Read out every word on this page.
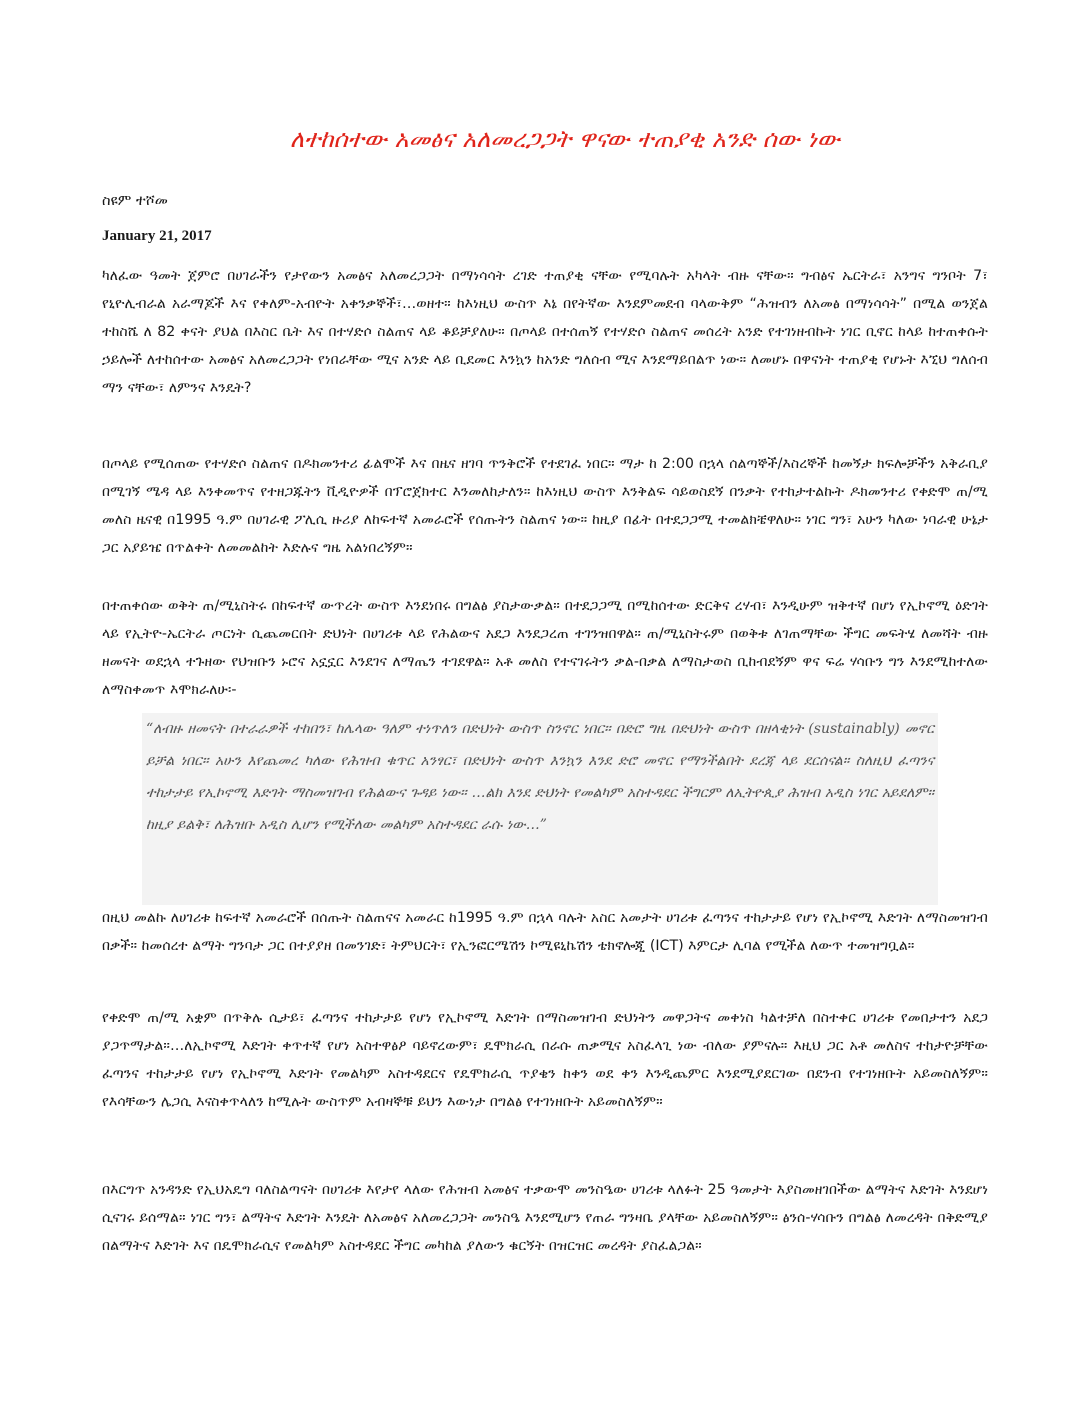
ለተከሰተው አመፅና አለመረጋጋት ዋናው ተጠያቂ አንድ ሰው ነው
ስዩም ተሾመ
January 21, 2017
ካለፈው ዓመት ጀምሮ በሀገራችን የታየውን አመፅና አለመረጋጋት በማነሳሳት ረገድ ተጠያቂ ናቸው የሚባሉት አካላት ብዙ ናቸው። ግብፅና ኤርትራ፣ አንግና ግንቦት 7፣ የኒዮሊብራል አራማጆች እና የቀለም-አብዮት አቀንቃኞች፣…ወዘተ። ከእነዚህ ውስጥ እኔ በየትኛው እንደምመደብ ባላውቅም “ሕዝብን ለአመፅ በማነሳሳት” በሚል ወንጀል ተከስሼ ለ 82 ቀናት ያህል በእስር ቤት እና በተሃድሶ ስልጠና ላይ ቆይቻያለሁ። በጦላይ በተሰጠኝ የተሃድሶ ስልጠና መሰረት አንድ የተገነዘብኩት ነገር ቢኖር ከላይ ከተጠቀሱት ኃይሎች ለተከሰተው አመፅና አለመረጋጋት የነበራቸው ሚና አንድ ላይ ቢደመር እንኳን ከአንድ ግለሰብ ሚና እንደማይበልጥ ነው። ለመሆኑ በዋናነት ተጠያቂ የሆኑት እኚህ ግለሰብ ማን ናቸው፣ ለምንና እንዴት?
በጦላይ የሚሰጠው የተሃድሶ ስልጠና በዶክመንተሪ ፊልሞች እና በዜና ዘገባ ጥንቅሮች የተደገፈ ነበር። ማታ ከ 2:00 በኋላ ሰልጣኞች/እስረኞች ከመኝታ ክፍሎቻችን አቅራቢያ በሚገኝ ሜዳ ላይ እንቀመጥና የተዘጋጁትን ቪዲዮዎች በፕሮጀክተር እንመለከታለን። ከእነዚህ ውስጥ እንቅልፍ ሳይወስደኝ በንቃት የተከታተልኩት ዶክመንተሪ የቀድሞ ጠ/ሚ መለስ ዜናዊ በ1995 ዓ.ም በሀገራዊ ፖሊሲ ዙሪያ ለከፍተኛ አመራሮች የሰጡትን ስልጠና ነው። ከዚያ በፊት በተደጋጋሚ ተመልክቼዋለሁ። ነገር ግን፣ አሁን ካለው ነባራዊ ሁኔታ ጋር አያይዤ በጥልቀት ለመመልከት እድሉና ግዜ አልነበረኝም።
በተጠቀሰው ወቅት ጠ/ሚኒስትሩ በከፍተኛ ውጥረት ውስጥ እንደነበሩ በግልፅ ያስታውቃል። በተደጋጋሚ በሚከሰተው ድርቅና ረሃብ፣ እንዲሁም ዝቅተኛ በሆነ የኢኮኖሚ ዕድገት ላይ የኢትዮ-ኤርትራ ጦርነት ሲጨመርበት ድህነት በሀገሪቱ ላይ የሕልውና አደጋ እንደጋረጠ ተገንዝበዋል። ጠ/ሚኒስትሩም በወቅቱ ለገጠማቸው ችግር መፍትሄ ለመሻት ብዙ ዘመናት ወደኋላ ተጉዘው የህዝቡን ኑሮና አኗኗር እንደገና ለማጤን ተገደዋል። አቶ መለስ የተናገሩትን ቃል-በቃል ለማስታወስ ቢከብደኝም ዋና ፍሬ ሃሳቡን ግን እንደሚከተለው ለማስቀመጥ እሞክራለሁ፡-
“ለብዙ ዘመናት በተራራዎች ተከበን፣ ከሌላው ዓለም ተነጥለን በድህነት ውስጥ ስንኖር ነበር። በድሮ ግዜ በድህነት ውስጥ በዘላቂነት (sustainably) መኖር ይቻል ነበር። አሁን እየጨመረ ካለው የሕዝብ ቁጥር አንፃር፣ በድህነት ውስጥ እንኳን እንደ ድሮ መኖር የማንችልበት ደረጃ ላይ ደርሰናል። ስለዚህ ፈጣንና ተከታታይ የኢኮኖሚ እድገት ማስመዝገብ የሕልውና ጉዳይ ነው። …ልክ እንደ ድህነት የመልካም አስተዳደር ችግርም ለኢትዮጲያ ሕዝብ አዲስ ነገር አይደለም። ከዚያ ይልቅ፣ ለሕዝቡ አዲስ ሊሆን የሚችለው መልካም አስተዳደር ራሱ ነው…”
በዚህ መልኩ ለሀገሪቱ ከፍተኛ አመራሮች በሰጡት ስልጠናና አመራር ከ1995 ዓ.ም በኋላ ባሉት አስር አመታት ሀገሪቱ ፈጣንና ተከታታይ የሆነ የኢኮኖሚ እድገት ለማስመዝገብ በቃች። ከመሰረተ ልማት ግንባታ ጋር በተያያዘ በመንገድ፣ ትምህርት፣ የኢንፎርሜሽን ኮሚዩኒኬሽን ቴክኖሎጂ (ICT) እምርታ ሊባል የሚችል ለውጥ ተመዝግቧል።
የቀድሞ ጠ/ሚ አቋም በጥቅሉ ሲታይ፣ ፈጣንና ተከታታይ የሆነ የኢኮኖሚ እድገት በማስመዝገብ ድህነትን መዋጋትና መቀነስ ካልተቻለ በስተቀር ሀገሪቱ የመበታተን አደጋ ያጋጥማታል።…ለኢኮኖሚ እድገት ቀጥተኛ የሆነ አስተዋፅዖ ባይኖረውም፣ ዴሞክራሲ በራሱ ጠቃሚና አስፈላጊ ነው ብለው ያምናሉ። እዚህ ጋር አቶ መለስና ተከታዮቻቸው ፈጣንና ተከታታይ የሆነ የኢኮኖሚ እድገት የመልካም አስተዳደርና የዴሞክራሲ ጥያቄን ከቀን ወደ ቀን እንዲጨምር እንደሚያደርገው በደንብ የተገነዘቡት አይመስለኝም። የእሳቸውን ሌጋሲ እናስቀጥላለን ከሚሉት ውስጥም አብዛኞቹ ይህን እውነታ በግልፅ የተገነዘቡት አይመስለኝም።
በእርግጥ አንዳንድ የኢህአዴግ ባለስልጣናት በሀገሪቱ እየታየ ላለው የሕዝብ አመፅና ተቃውሞ መንስዔው ሀገሪቱ ላለፉት 25 ዓመታት እያስመዘገበችው ልማትና እድገት እንደሆነ ሲናገሩ ይሰማል። ነገር ግን፣ ልማትና እድገት እንዴት ለአመፅና አለመረጋጋት መንስዔ እንደሚሆን የጠራ ግንዛቤ ያላቸው አይመስለኝም። ፅንሰ-ሃሳቡን በግልፅ ለመረዳት በቅድሚያ በልማትና እድገት እና በዴሞክራሲና የመልካም አስተዳደር ችግር መካከል ያለውን ቁርኝት በዝርዝር መረዳት ያስፈልጋል።
